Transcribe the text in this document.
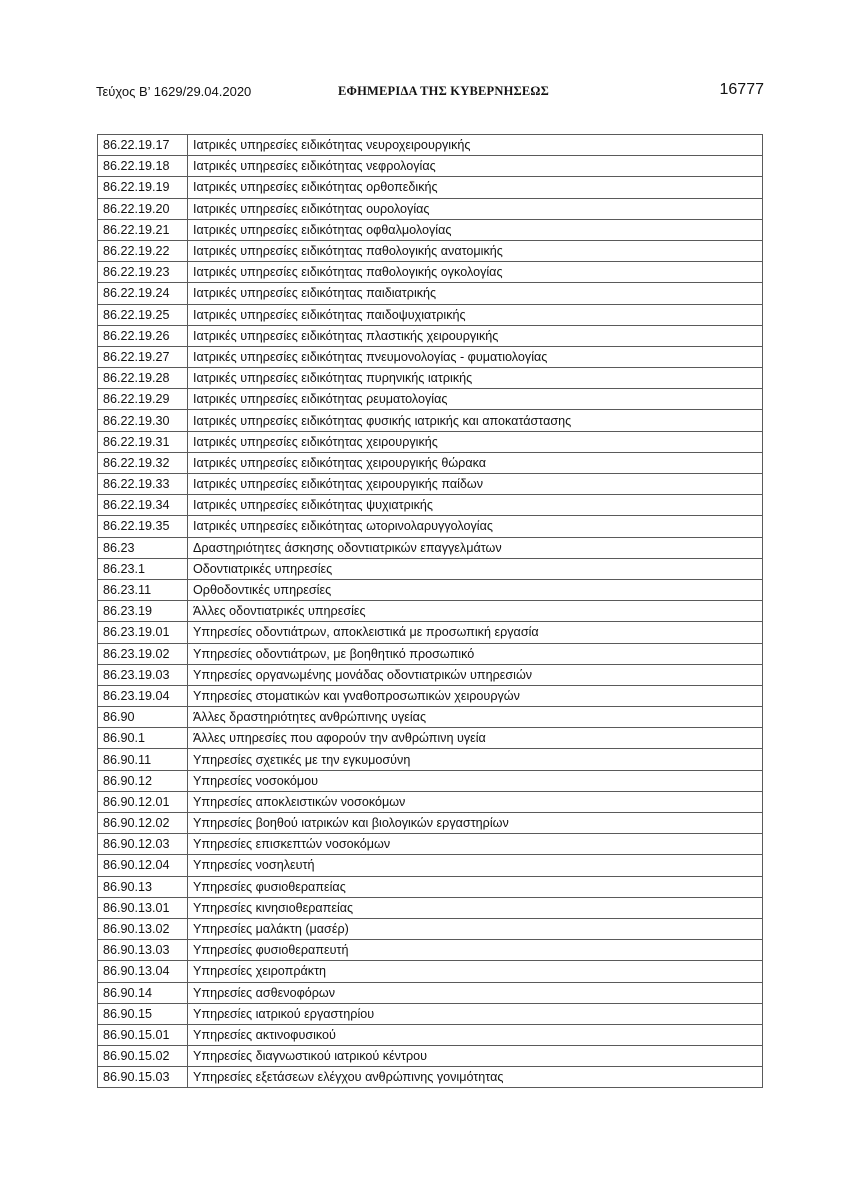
Τεύχος Β’ 1629/29.04.2020	ΕΦΗΜΕΡΙΔΑ ΤΗΣ ΚΥΒΕΡΝΗΣΕΩΣ	16777
86.22.19.17	Ιατρικές υπηρεσίες ειδικότητας νευροχειρουργικής
86.22.19.18	Ιατρικές υπηρεσίες ειδικότητας νεφρολογίας
86.22.19.19	Ιατρικές υπηρεσίες ειδικότητας ορθοπεδικής
86.22.19.20	Ιατρικές υπηρεσίες ειδικότητας ουρολογίας
86.22.19.21	Ιατρικές υπηρεσίες ειδικότητας οφθαλμολογίας
86.22.19.22	Ιατρικές υπηρεσίες ειδικότητας παθολογικής ανατομικής
86.22.19.23	Ιατρικές υπηρεσίες ειδικότητας παθολογικής ογκολογίας
86.22.19.24	Ιατρικές υπηρεσίες ειδικότητας παιδιατρικής
86.22.19.25	Ιατρικές υπηρεσίες ειδικότητας παιδοψυχιατρικής
86.22.19.26	Ιατρικές υπηρεσίες ειδικότητας πλαστικής χειρουργικής
86.22.19.27	Ιατρικές υπηρεσίες ειδικότητας πνευμονολογίας - φυματιολογίας
86.22.19.28	Ιατρικές υπηρεσίες ειδικότητας πυρηνικής ιατρικής
86.22.19.29	Ιατρικές υπηρεσίες ειδικότητας ρευματολογίας
86.22.19.30	Ιατρικές υπηρεσίες ειδικότητας φυσικής ιατρικής και αποκατάστασης
86.22.19.31	Ιατρικές υπηρεσίες ειδικότητας χειρουργικής
86.22.19.32	Ιατρικές υπηρεσίες ειδικότητας χειρουργικής θώρακα
86.22.19.33	Ιατρικές υπηρεσίες ειδικότητας χειρουργικής παίδων
86.22.19.34	Ιατρικές υπηρεσίες ειδικότητας ψυχιατρικής
86.22.19.35	Ιατρικές υπηρεσίες ειδικότητας ωτορινολαρυγγολογίας
86.23	Δραστηριότητες άσκησης οδοντιατρικών επαγγελμάτων
86.23.1	Οδοντιατρικές υπηρεσίες
86.23.11	Ορθοδοντικές υπηρεσίες
86.23.19	Άλλες οδοντιατρικές υπηρεσίες
86.23.19.01	Υπηρεσίες οδοντιάτρων, αποκλειστικά με προσωπική εργασία
86.23.19.02	Υπηρεσίες οδοντιάτρων, με βοηθητικό προσωπικό
86.23.19.03	Υπηρεσίες οργανωμένης μονάδας οδοντιατρικών υπηρεσιών
86.23.19.04	Υπηρεσίες στοματικών και γναθοπροσωπικών χειρουργών
86.90	Άλλες δραστηριότητες ανθρώπινης υγείας
86.90.1	Άλλες υπηρεσίες που αφορούν την ανθρώπινη υγεία
86.90.11	Υπηρεσίες σχετικές με την εγκυμοσύνη
86.90.12	Υπηρεσίες νοσοκόμου
86.90.12.01	Υπηρεσίες αποκλειστικών νοσοκόμων
86.90.12.02	Υπηρεσίες βοηθού ιατρικών και βιολογικών εργαστηρίων
86.90.12.03	Υπηρεσίες επισκεπτών νοσοκόμων
86.90.12.04	Υπηρεσίες νοσηλευτή
86.90.13	Υπηρεσίες φυσιοθεραπείας
86.90.13.01	Υπηρεσίες κινησιοθεραπείας
86.90.13.02	Υπηρεσίες μαλάκτη (μασέρ)
86.90.13.03	Υπηρεσίες φυσιοθεραπευτή
86.90.13.04	Υπηρεσίες χειροπράκτη
86.90.14	Υπηρεσίες ασθενοφόρων
86.90.15	Υπηρεσίες ιατρικού εργαστηρίου
86.90.15.01	Υπηρεσίες ακτινοφυσικού
86.90.15.02	Υπηρεσίες διαγνωστικού ιατρικού κέντρου
86.90.15.03	Υπηρεσίες εξετάσεων ελέγχου ανθρώπινης γονιμότητας
